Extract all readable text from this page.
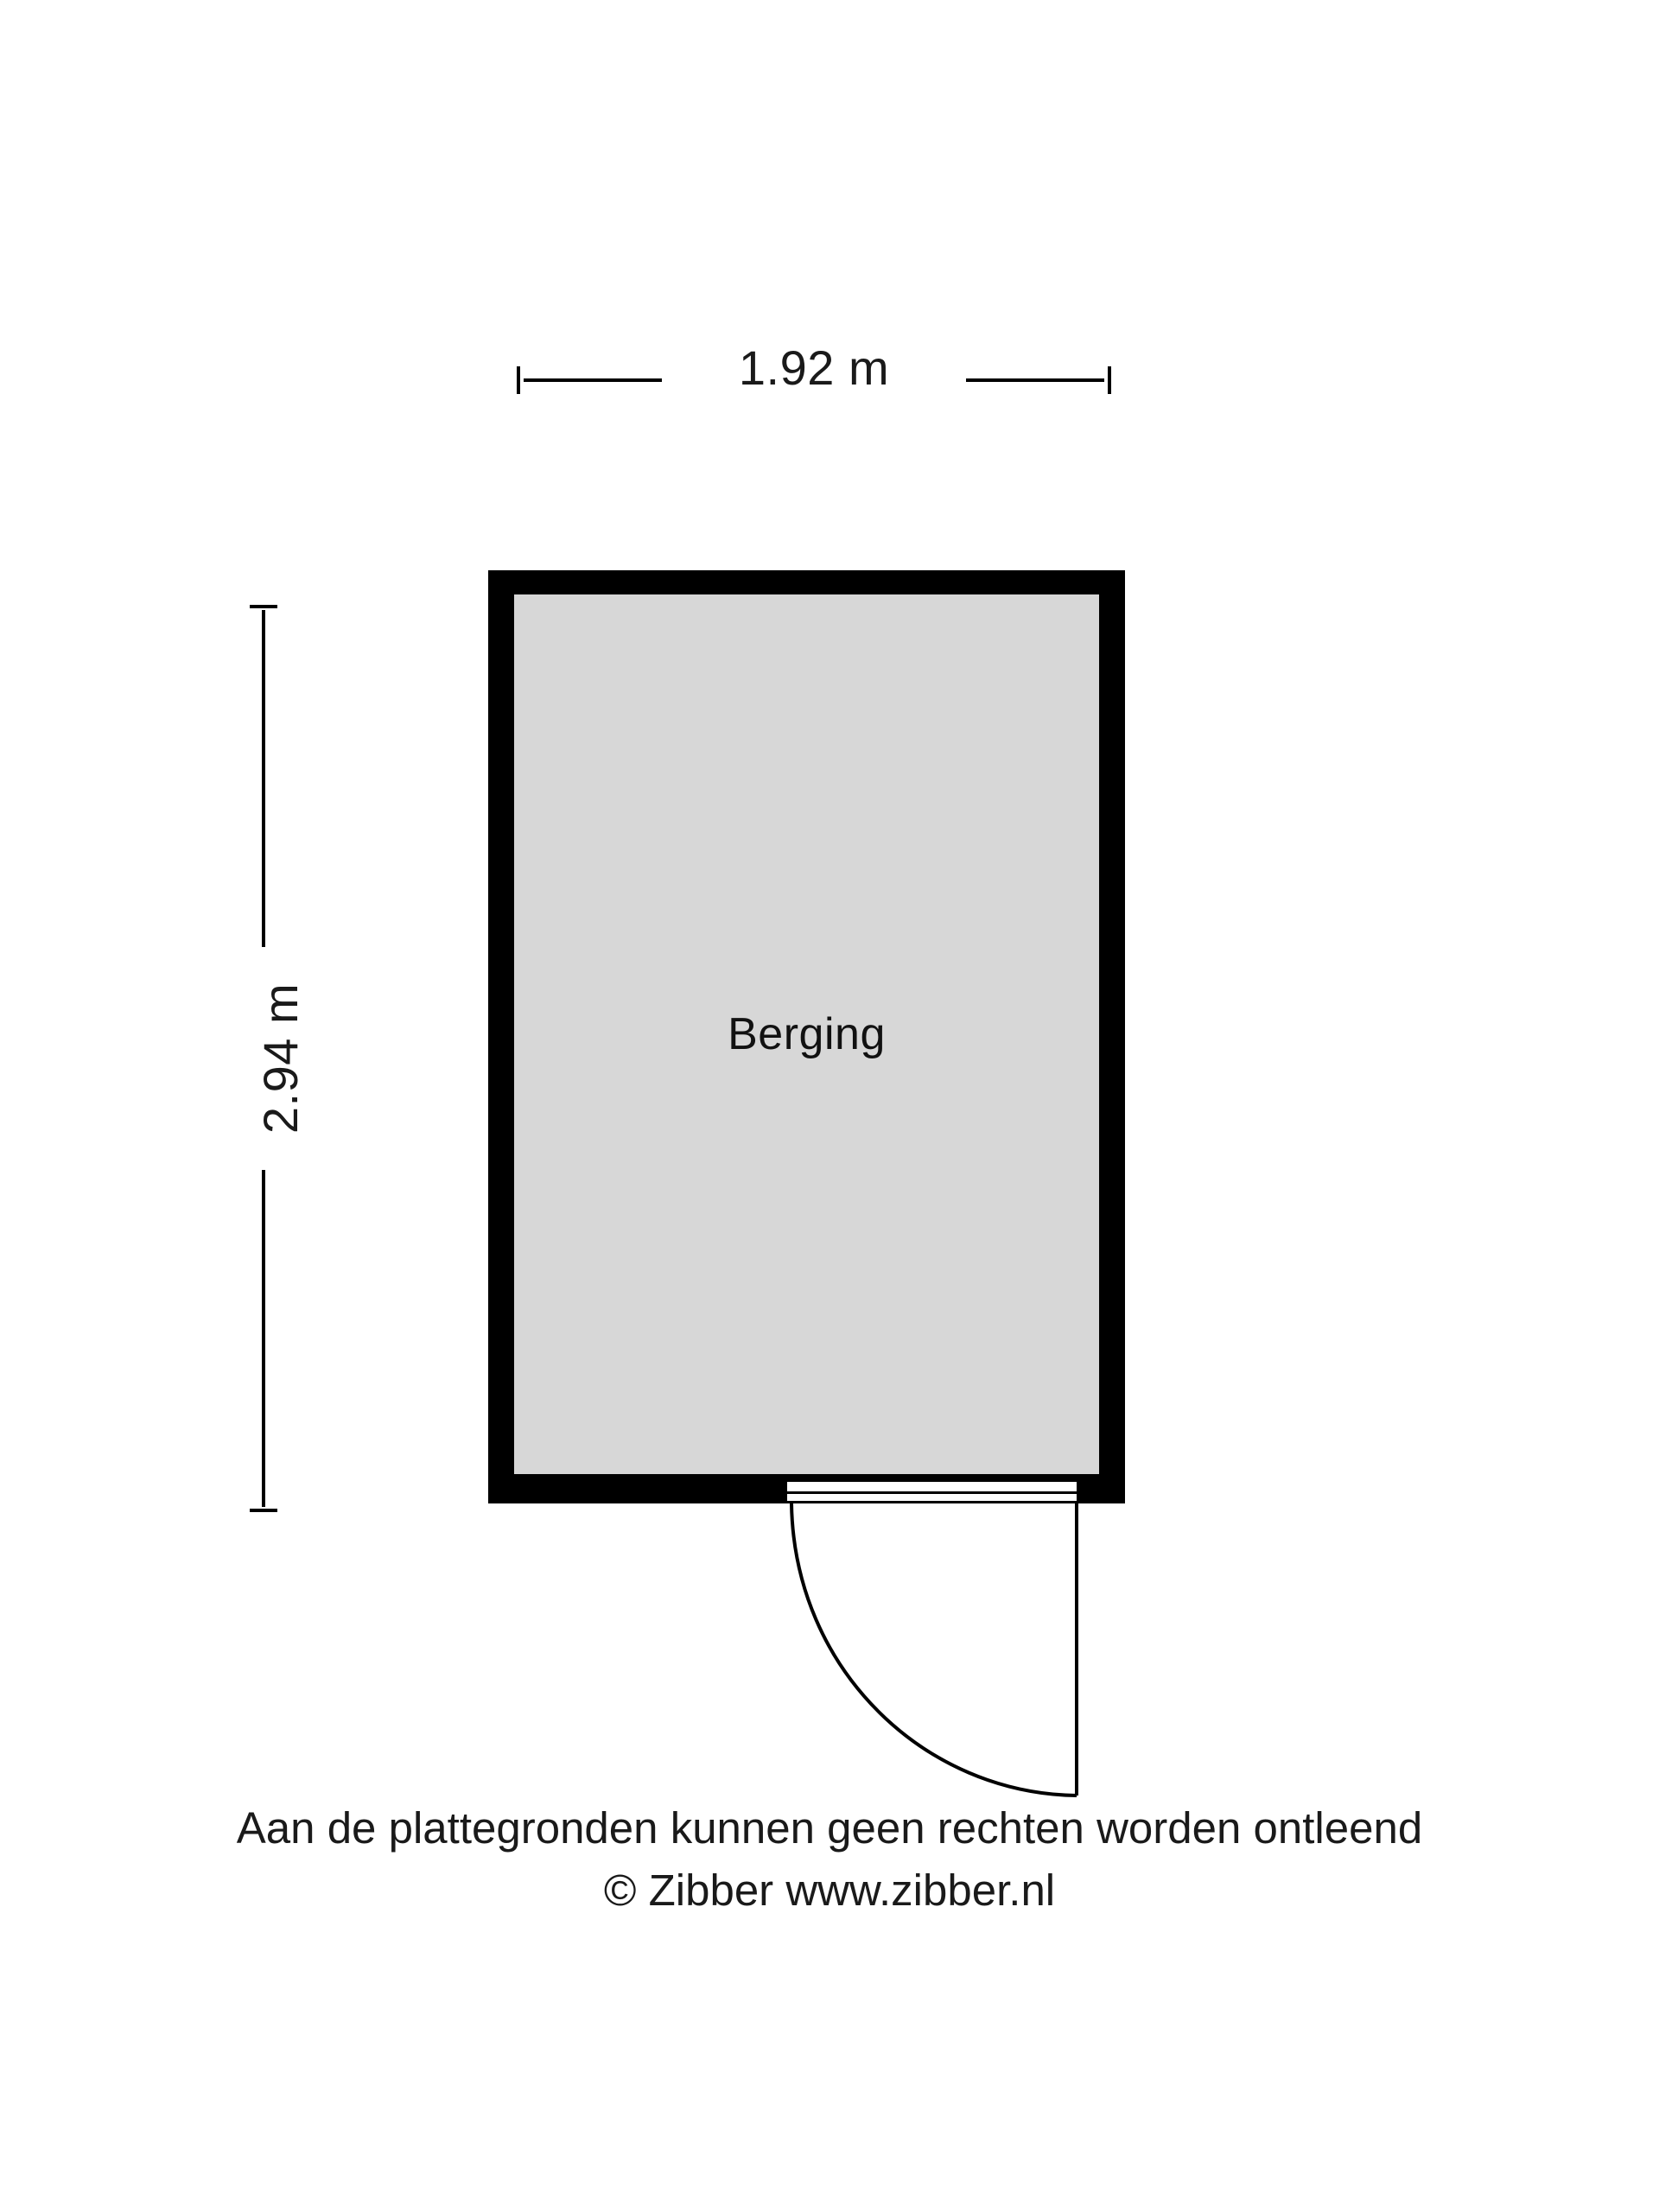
1.92 m
2.94 m	Berging
Aan de plattegronden kunnen geen rechten worden ontleend
© Zibber www.zibber.nl
